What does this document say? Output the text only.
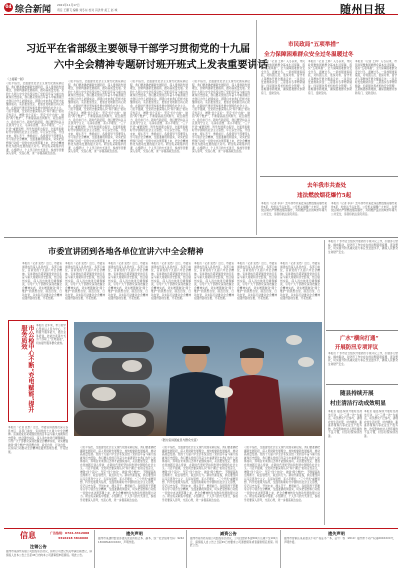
04 综合新闻 2021年11月17日
责任 王鹏飞 编辑 刘冬东 校对 冯洪秀 美工 赵 城	随州日报
习近平在省部级主要领导干部学习贯彻党的十九届
六中全会精神专题研讨班开班式上发表重要讲话
（上接第一版）
习近平指出，全面建设社会主义现代化国家新征程，我们要准确把握新发展阶段，深入贯彻新发展理念，加快构建新发展格局，推动高质量发展。党的十九届六中全会系统总结了党的百年奋斗重大成就和历史经验，我们要从党的百年奋斗中看清楚过去我们为什么能够成功、弄明白未来我们怎样才能继续成功，从而更加坚定、更加自觉地践行初心使命，在新时代更好坚持和发展中国特色社会主义。习近平强调，全党同志要深刻认识“两个确立”的决定性意义，增强“四个意识”、坚定“四个自信”、做到“两个维护”，不断提高政治判断力、政治领悟力、政治执行力。新时代新征程，我们要坚持以马克思列宁主义、毛泽东思想、邓小平理论、“三个代表”重要思想、科学发展观为指导，全面贯彻新时代中国特色社会主义思想，牢记以史为鉴、开创未来，埋头苦干、勇毅前行。各级领导干部要带头学习领会全会精神，全面准确贯彻落实，切实把思想和行动统一到党中央决策部署上来，把全会精神转化为推动发展的强大动力。研讨班采取集中授课、小组研讨、个人学习的方式进行，参加学员要深入思考，交流心得，进一步提高政治站位。
习近平指出，全面建设社会主义现代化国家新征程，我们要准确把握新发展阶段，深入贯彻新发展理念，加快构建新发展格局，推动高质量发展。党的十九届六中全会系统总结了党的百年奋斗重大成就和历史经验，我们要从党的百年奋斗中看清楚过去我们为什么能够成功、弄明白未来我们怎样才能继续成功，从而更加坚定、更加自觉地践行初心使命，在新时代更好坚持和发展中国特色社会主义。习近平强调，全党同志要深刻认识“两个确立”的决定性意义，增强“四个意识”、坚定“四个自信”、做到“两个维护”，不断提高政治判断力、政治领悟力、政治执行力。新时代新征程，我们要坚持以马克思列宁主义、毛泽东思想、邓小平理论、“三个代表”重要思想、科学发展观为指导，全面贯彻新时代中国特色社会主义思想，牢记以史为鉴、开创未来，埋头苦干、勇毅前行。各级领导干部要带头学习领会全会精神，全面准确贯彻落实，切实把思想和行动统一到党中央决策部署上来，把全会精神转化为推动发展的强大动力。研讨班采取集中授课、小组研讨、个人学习的方式进行，参加学员要深入思考，交流心得，进一步提高政治站位。
习近平指出，全面建设社会主义现代化国家新征程，我们要准确把握新发展阶段，深入贯彻新发展理念，加快构建新发展格局，推动高质量发展。党的十九届六中全会系统总结了党的百年奋斗重大成就和历史经验，我们要从党的百年奋斗中看清楚过去我们为什么能够成功、弄明白未来我们怎样才能继续成功，从而更加坚定、更加自觉地践行初心使命，在新时代更好坚持和发展中国特色社会主义。习近平强调，全党同志要深刻认识“两个确立”的决定性意义，增强“四个意识”、坚定“四个自信”、做到“两个维护”，不断提高政治判断力、政治领悟力、政治执行力。新时代新征程，我们要坚持以马克思列宁主义、毛泽东思想、邓小平理论、“三个代表”重要思想、科学发展观为指导，全面贯彻新时代中国特色社会主义思想，牢记以史为鉴、开创未来，埋头苦干、勇毅前行。各级领导干部要带头学习领会全会精神，全面准确贯彻落实，切实把思想和行动统一到党中央决策部署上来，把全会精神转化为推动发展的强大动力。研讨班采取集中授课、小组研讨、个人学习的方式进行，参加学员要深入思考，交流心得，进一步提高政治站位。
习近平指出，全面建设社会主义现代化国家新征程，我们要准确把握新发展阶段，深入贯彻新发展理念，加快构建新发展格局，推动高质量发展。党的十九届六中全会系统总结了党的百年奋斗重大成就和历史经验，我们要从党的百年奋斗中看清楚过去我们为什么能够成功、弄明白未来我们怎样才能继续成功，从而更加坚定、更加自觉地践行初心使命，在新时代更好坚持和发展中国特色社会主义。习近平强调，全党同志要深刻认识“两个确立”的决定性意义，增强“四个意识”、坚定“四个自信”、做到“两个维护”，不断提高政治判断力、政治领悟力、政治执行力。新时代新征程，我们要坚持以马克思列宁主义、毛泽东思想、邓小平理论、“三个代表”重要思想、科学发展观为指导，全面贯彻新时代中国特色社会主义思想，牢记以史为鉴、开创未来，埋头苦干、勇毅前行。各级领导干部要带头学习领会全会精神，全面准确贯彻落实，切实把思想和行动统一到党中央决策部署上来，把全会精神转化为推动发展的强大动力。研讨班采取集中授课、小组研讨、个人学习的方式进行，参加学员要深入思考，交流心得，进一步提高政治站位。
市民政局“五项举措”
全力保障困难群众安全过冬温暖过冬
本报讯（记者 王林）入冬以来，市民政局聚焦困难群众基本生活保障，落实“五项举措”，全力保障困难群众安全过冬、温暖过冬。一是加强排查摸底，对特困人员、低保对象、留守老人等群体开展全覆盖走访；二是及时发放救助资金；三是落实冬季物资储备；四是强化养老机构安全管理；五是畅通求助渠道，确保困难群众求助有门、受助及时。
本报讯（记者 王林）入冬以来，市民政局聚焦困难群众基本生活保障，落实“五项举措”，全力保障困难群众安全过冬、温暖过冬。一是加强排查摸底，对特困人员、低保对象、留守老人等群体开展全覆盖走访；二是及时发放救助资金；三是落实冬季物资储备；四是强化养老机构安全管理；五是畅通求助渠道，确保困难群众求助有门、受助及时。
本报讯（记者 王林）入冬以来，市民政局聚焦困难群众基本生活保障，落实“五项举措”，全力保障困难群众安全过冬、温暖过冬。一是加强排查摸底，对特困人员、低保对象、留守老人等群体开展全覆盖走访；二是及时发放救助资金；三是落实冬季物资储备；四是强化养老机构安全管理；五是畅通求助渠道，确保困难群众求助有门、受助及时。
去年我市共查处
违法燃放烟花爆竹5起
本报讯（记者 李萍）去年我市共查处违法燃放烟花爆竹案件5起，均依法予以处罚。公安机关提醒广大市民，在禁放区域内严禁燃放烟花爆竹，共同维护良好的城市环境与公共安全，违者将依法追究责任。
本报讯（记者 李萍）去年我市共查处违法燃放烟花爆竹案件5起，均依法予以处罚。公安机关提醒广大市民，在禁放区域内严禁燃放烟花爆竹，共同维护良好的城市环境与公共安全，违者将依法追究责任。
市委宣讲团到各地各单位宣讲六中全会精神
本报讯（记者 张然）近日，市委宣讲团成员深入各县市区、各部门单位，宣讲党的十九届六中全会精神。宣讲团成员紧紧围绕党的百年奋斗重大成就和历史经验，结合随州实际，深入浅出地进行阐释解读，引导广大干部群众深刻把握全会精神实质，切实增强做到“两个维护”的思想自觉、政治自觉、行动自觉，以实际行动推动全会精神在随州落地生根、开花结果。
本报讯（记者 张然）近日，市委宣讲团成员深入各县市区、各部门单位，宣讲党的十九届六中全会精神。宣讲团成员紧紧围绕党的百年奋斗重大成就和历史经验，结合随州实际，深入浅出地进行阐释解读，引导广大干部群众深刻把握全会精神实质，切实增强做到“两个维护”的思想自觉、政治自觉、行动自觉，以实际行动推动全会精神在随州落地生根、开花结果。
本报讯（记者 张然）近日，市委宣讲团成员深入各县市区、各部门单位，宣讲党的十九届六中全会精神。宣讲团成员紧紧围绕党的百年奋斗重大成就和历史经验，结合随州实际，深入浅出地进行阐释解读，引导广大干部群众深刻把握全会精神实质，切实增强做到“两个维护”的思想自觉、政治自觉、行动自觉，以实际行动推动全会精神在随州落地生根、开花结果。
本报讯（记者 张然）近日，市委宣讲团成员深入各县市区、各部门单位，宣讲党的十九届六中全会精神。宣讲团成员紧紧围绕党的百年奋斗重大成就和历史经验，结合随州实际，深入浅出地进行阐释解读，引导广大干部群众深刻把握全会精神实质，切实增强做到“两个维护”的思想自觉、政治自觉、行动自觉，以实际行动推动全会精神在随州落地生根、开花结果。
本报讯（记者 张然）近日，市委宣讲团成员深入各县市区、各部门单位，宣讲党的十九届六中全会精神。宣讲团成员紧紧围绕党的百年奋斗重大成就和历史经验，结合随州实际，深入浅出地进行阐释解读，引导广大干部群众深刻把握全会精神实质，切实增强做到“两个维护”的思想自觉、政治自觉、行动自觉，以实际行动推动全会精神在随州落地生根、开花结果。
本报讯（记者 张然）近日，市委宣讲团成员深入各县市区、各部门单位，宣讲党的十九届六中全会精神。宣讲团成员紧紧围绕党的百年奋斗重大成就和历史经验，结合随州实际，深入浅出地进行阐释解读，引导广大干部群众深刻把握全会精神实质，切实增强做到“两个维护”的思想自觉、政治自觉、行动自觉，以实际行动推动全会精神在随州落地生根、开花结果。
本报讯（记者 张然）近日，市委宣讲团成员深入各县市区、各部门单位，宣讲党的十九届六中全会精神。宣讲团成员紧紧围绕党的百年奋斗重大成就和历史经验，结合随州实际，深入浅出地进行阐释解读，引导广大干部群众深刻把握全会精神实质，切实增强做到“两个维护”的思想自觉、政治自觉、行动自觉，以实际行动推动全会精神在随州落地生根、开花结果。
本报讯 广水市近日组织开展防汛专项评议工作，打通部门壁垒，横向联动，对防汛工作中存在的问题逐项梳理、逐条整改，切实提升防汛减灾能力和应急处置水平，确保人民群众生命财产安全。
广水“横向打通”
开展防汛专项评议
本报讯 广水市近日组织开展防汛专项评议工作，打通部门壁垒，横向联动，对防汛工作中存在的问题逐项梳理、逐条整改，切实提升防汛减灾能力和应急处置水平，确保人民群众生命财产安全。
市公检中心不断“充电赋能”提升服务质效	本报讯 近年来，市公检中心坚持以人民为中心，不断提升服务能力，通过业务培训、技能比武等方式为干部职工“充电赋能”，切实提升服务群众质效。
（图为宣讲团成员与群众交流）
随县持续开展
村庄清洁行动成效明显
本报讯 随县持续开展村庄清洁行动，以“三清一改”为重点，动员群众广泛参与，清理农村生活垃圾、村内塘沟、畜禽养殖粪污等农业生产废弃物，改变影响农村人居环境的不良习惯，村容村貌持续改善。
本报讯 随县持续开展村庄清洁行动，以“三清一改”为重点，动员群众广泛参与，清理农村生活垃圾、村内塘沟、畜禽养殖粪污等农业生产废弃物，改变影响农村人居环境的不良习惯，村容村貌持续改善。
本报讯（记者 张然）近日，市委宣讲团成员深入各县市区、各部门单位，宣讲党的十九届六中全会精神。宣讲团成员紧紧围绕党的百年奋斗重大成就和历史经验，结合随州实际，深入浅出地进行阐释解读，引导广大干部群众深刻把握全会精神实质，切实增强做到“两个维护”的思想自觉、政治自觉、行动自觉，以实际行动推动全会精神在随州落地生根、开花结果。
习近平指出，全面建设社会主义现代化国家新征程，我们要准确把握新发展阶段，深入贯彻新发展理念，加快构建新发展格局，推动高质量发展。党的十九届六中全会系统总结了党的百年奋斗重大成就和历史经验，我们要从党的百年奋斗中看清楚过去我们为什么能够成功、弄明白未来我们怎样才能继续成功，从而更加坚定、更加自觉地践行初心使命，在新时代更好坚持和发展中国特色社会主义。习近平强调，全党同志要深刻认识“两个确立”的决定性意义，增强“四个意识”、坚定“四个自信”、做到“两个维护”，不断提高政治判断力、政治领悟力、政治执行力。新时代新征程，我们要坚持以马克思列宁主义、毛泽东思想、邓小平理论、“三个代表”重要思想、科学发展观为指导，全面贯彻新时代中国特色社会主义思想，牢记以史为鉴、开创未来，埋头苦干、勇毅前行。各级领导干部要带头学习领会全会精神，全面准确贯彻落实，切实把思想和行动统一到党中央决策部署上来，把全会精神转化为推动发展的强大动力。研讨班采取集中授课、小组研讨、个人学习的方式进行，参加学员要深入思考，交流心得，进一步提高政治站位。
习近平指出，全面建设社会主义现代化国家新征程，我们要准确把握新发展阶段，深入贯彻新发展理念，加快构建新发展格局，推动高质量发展。党的十九届六中全会系统总结了党的百年奋斗重大成就和历史经验，我们要从党的百年奋斗中看清楚过去我们为什么能够成功、弄明白未来我们怎样才能继续成功，从而更加坚定、更加自觉地践行初心使命，在新时代更好坚持和发展中国特色社会主义。习近平强调，全党同志要深刻认识“两个确立”的决定性意义，增强“四个意识”、坚定“四个自信”、做到“两个维护”，不断提高政治判断力、政治领悟力、政治执行力。新时代新征程，我们要坚持以马克思列宁主义、毛泽东思想、邓小平理论、“三个代表”重要思想、科学发展观为指导，全面贯彻新时代中国特色社会主义思想，牢记以史为鉴、开创未来，埋头苦干、勇毅前行。各级领导干部要带头学习领会全会精神，全面准确贯彻落实，切实把思想和行动统一到党中央决策部署上来，把全会精神转化为推动发展的强大动力。研讨班采取集中授课、小组研讨、个人学习的方式进行，参加学员要深入思考，交流心得，进一步提高政治站位。
习近平指出，全面建设社会主义现代化国家新征程，我们要准确把握新发展阶段，深入贯彻新发展理念，加快构建新发展格局，推动高质量发展。党的十九届六中全会系统总结了党的百年奋斗重大成就和历史经验，我们要从党的百年奋斗中看清楚过去我们为什么能够成功、弄明白未来我们怎样才能继续成功，从而更加坚定、更加自觉地践行初心使命，在新时代更好坚持和发展中国特色社会主义。习近平强调，全党同志要深刻认识“两个确立”的决定性意义，增强“四个意识”、坚定“四个自信”、做到“两个维护”，不断提高政治判断力、政治领悟力、政治执行力。新时代新征程，我们要坚持以马克思列宁主义、毛泽东思想、邓小平理论、“三个代表”重要思想、科学发展观为指导，全面贯彻新时代中国特色社会主义思想，牢记以史为鉴、开创未来，埋头苦干、勇毅前行。各级领导干部要带头学习领会全会精神，全面准确贯彻落实，切实把思想和行动统一到党中央决策部署上来，把全会精神转化为推动发展的强大动力。研讨班采取集中授课、小组研讨、个人学习的方式进行，参加学员要深入思考，交流心得，进一步提高政治站位。
信息	广告热线：0722-3312088
3316218 3816666
注销公告
随州市某商贸有限公司经股东会决议，拟向公司登记机关申请注销登记，请债权人自本公告之日起45日内向本公司清算组申报债权。特此公告。
遗失声明
随州市某建材经营部遗失营业执照正本、副本，统一社会信用代码：92421300MA4XXXXXX，声明作废。
减资公告
随州市某科技有限公司经股东会决议，公司注册资本由500万元减少至100万元，请债权人自公告之日起45日内要求公司清偿债务或者提供相应担保。特此公告。
遗失声明
随州市曾都区某某遗失不动产权证书一本，证号：鄂（2019）随州市不动产权第00XXXXX号，声明作废。
